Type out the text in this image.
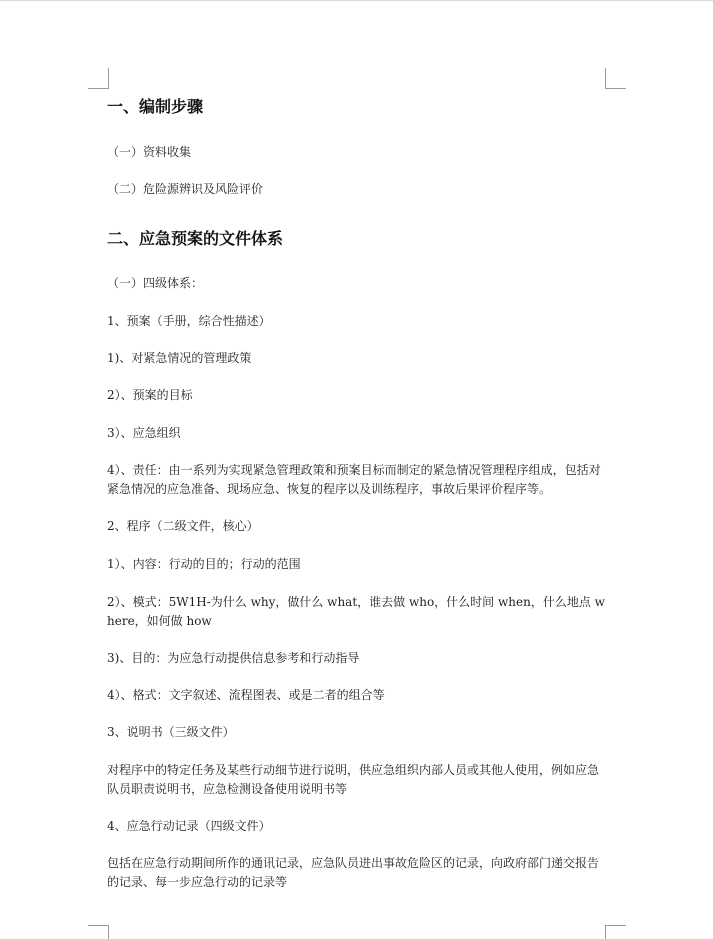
一、编制步骤
（一）资料收集
（二）危险源辨识及风险评价
二、应急预案的文件体系
（一）四级体系：
1、预案（手册，综合性描述）
1)、对紧急情况的管理政策
2）、预案的目标
3）、应急组织
4）、责任：由一系列为实现紧急管理政策和预案目标而制定的紧急情况管理程序组成，包括对紧急情况的应急准备、现场应急、恢复的程序以及训练程序，事故后果评价程序等。
2、程序（二级文件，核心）
1）、内容：行动的目的；行动的范围
2）、模式：5W1H-为什么 why，做什么 what，谁去做 who，什么时间 when，什么地点 where，如何做 how
3)、目的：为应急行动提供信息参考和行动指导
4）、格式：文字叙述、流程图表、或是二者的组合等
3、说明书（三级文件）
对程序中的特定任务及某些行动细节进行说明，供应急组织内部人员或其他人使用，例如应急队员职责说明书，应急检测设备使用说明书等
4、应急行动记录（四级文件）
包括在应急行动期间所作的通讯记录，应急队员进出事故危险区的记录，向政府部门递交报告的记录、每一步应急行动的记录等
